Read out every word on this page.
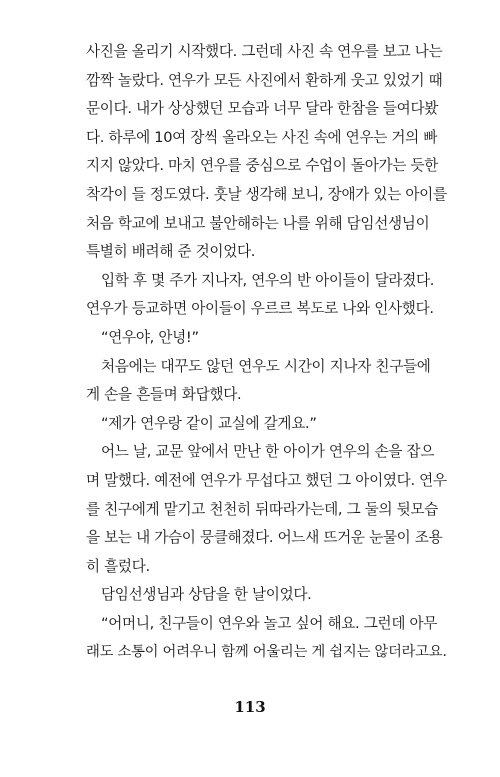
사진을 올리기 시작했다. 그런데 사진 속 연우를 보고 나는
깜짝 놀랐다. 연우가 모든 사진에서 환하게 웃고 있었기 때
문이다. 내가 상상했던 모습과 너무 달라 한참을 들여다봤
다. 하루에 10여 장씩 올라오는 사진 속에 연우는 거의 빠
지지 않았다. 마치 연우를 중심으로 수업이 돌아가는 듯한
착각이 들 정도였다. 훗날 생각해 보니, 장애가 있는 아이를
처음 학교에 보내고 불안해하는 나를 위해 담임선생님이
특별히 배려해 준 것이었다.
입학 후 몇 주가 지나자, 연우의 반 아이들이 달라졌다.
연우가 등교하면 아이들이 우르르 복도로 나와 인사했다.
“연우야, 안녕!”
처음에는 대꾸도 않던 연우도 시간이 지나자 친구들에
게 손을 흔들며 화답했다.
“제가 연우랑 같이 교실에 갈게요.”
어느 날, 교문 앞에서 만난 한 아이가 연우의 손을 잡으
며 말했다. 예전에 연우가 무섭다고 했던 그 아이였다. 연우
를 친구에게 맡기고 천천히 뒤따라가는데, 그 둘의 뒷모습
을 보는 내 가슴이 뭉클해졌다. 어느새 뜨거운 눈물이 조용
히 흘렀다.
담임선생님과 상담을 한 날이었다.
“어머니, 친구들이 연우와 놀고 싶어 해요. 그런데 아무
래도 소통이 어려우니 함께 어울리는 게 쉽지는 않더라고요.
113
